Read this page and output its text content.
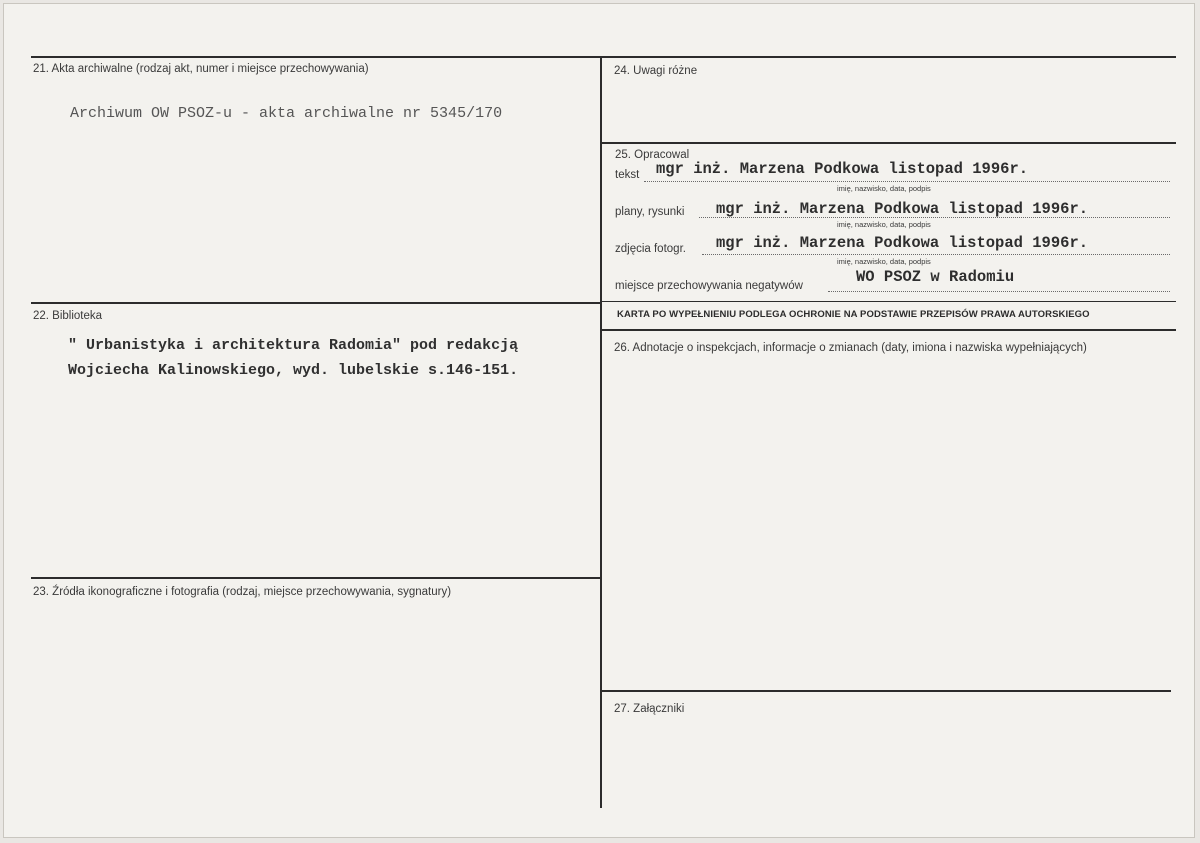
21. Akta archiwalne (rodzaj akt, numer i miejsce przechowywania)
Archiwum OW PSOZ-u - akta archiwalne nr 5345/170
22. Biblioteka
" Urbanistyka i architektura Radomia" pod redakcją
Wojciecha Kalinowskiego, wyd. lubelskie s.146-151.
23. Źródła ikonograficzne i fotografia (rodzaj, miejsce przechowywania, sygnatury)
24. Uwagi różne
25. Opracowal
tekst mgr inż. Marzena Podkowa listopad 1996r.
imię, nazwisko, data, podpis
plany, rysunki mgr inż. Marzena Podkowa listopad 1996r.
imię, nazwisko, data, podpis
zdjęcia fotogr. mgr inż. Marzena Podkowa listopad 1996r.
imię, nazwisko, data, podpis
miejsce przechowywania negatywów	WO PSOZ w Radomiu
KARTA PO WYPEŁNIENIU PODLEGA OCHRONIE NA PODSTAWIE PRZEPISÓW PRAWA AUTORSKIEGO
26. Adnotacje o inspekcjach, informacje o zmianach (daty, imiona i nazwiska wypełniających)
27. Załączniki
